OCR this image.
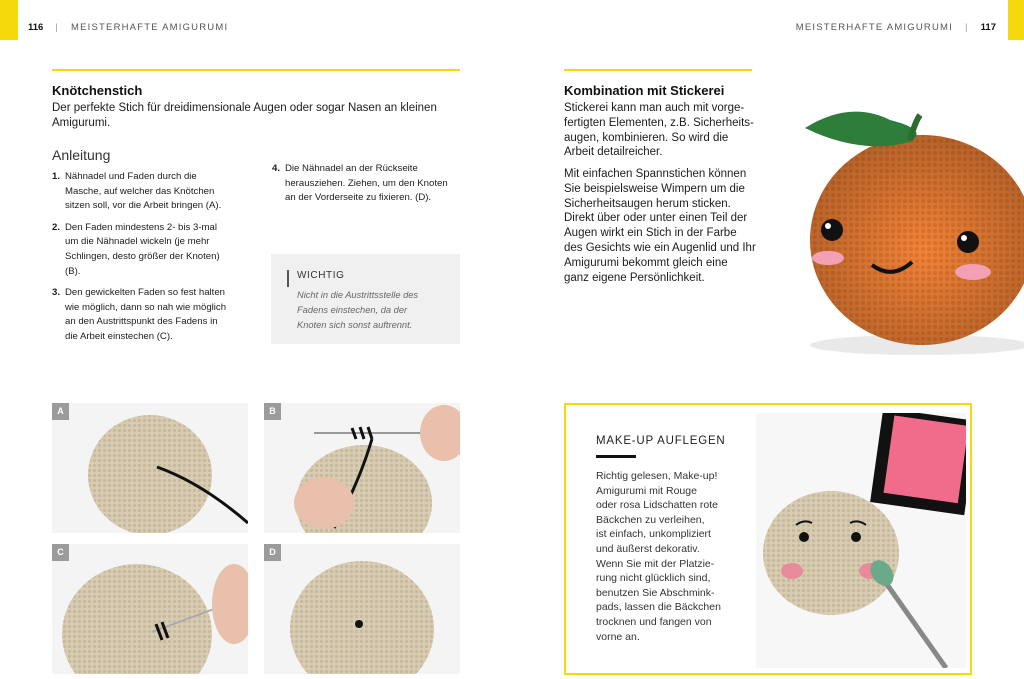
116 | MEISTERHAFTE AMIGURUMI	MEISTERHAFTE AMIGURUMI | 117
Knötchenstich
Der perfekte Stich für dreidimensionale Augen oder sogar Nasen an kleinen
Amigurumi.
Anleitung
1. Nähnadel und Faden durch die
Masche, auf welcher das Knötchen
sitzen soll, vor die Arbeit bringen (A).
2. Den Faden mindestens 2- bis 3-mal
um die Nähnadel wickeln (je mehr
Schlingen, desto größer der Knoten)
(B).
3. Den gewickelten Faden so fest halten
wie möglich, dann so nah wie möglich
an den Austrittspunkt des Fadens in
die Arbeit einstechen (C).
4. Die Nähnadel an der Rückseite
herausziehen. Ziehen, um den Knoten
an der Vorderseite zu fixieren. (D).
WICHTIG
Nicht in die Austrittsstelle des
Fadens einstechen, da der
Knoten sich sonst auftrennt.
A	B
C	D
Kombination mit Stickerei
Stickerei kann man auch mit vorge-
fertigten Elementen, z.B. Sicherheits-
augen, kombinieren. So wird die
Arbeit detailreicher.
Mit einfachen Spannstichen können
Sie beispielsweise Wimpern um die
Sicherheitsaugen herum sticken.
Direkt über oder unter einen Teil der
Augen wirkt ein Stich in der Farbe
des Gesichts wie ein Augenlid und Ihr
Amigurumi bekommt gleich eine
ganz eigene Persönlichkeit.
MAKE-UP AUFLEGEN
Richtig gelesen, Make-up!
Amigurumi mit Rouge
oder rosa Lidschatten rote
Bäckchen zu verleihen,
ist einfach, unkompliziert
und äußerst dekorativ.
Wenn Sie mit der Platzie-
rung nicht glücklich sind,
benutzen Sie Abschmink-
pads, lassen die Bäckchen
trocknen und fangen von
vorne an.
